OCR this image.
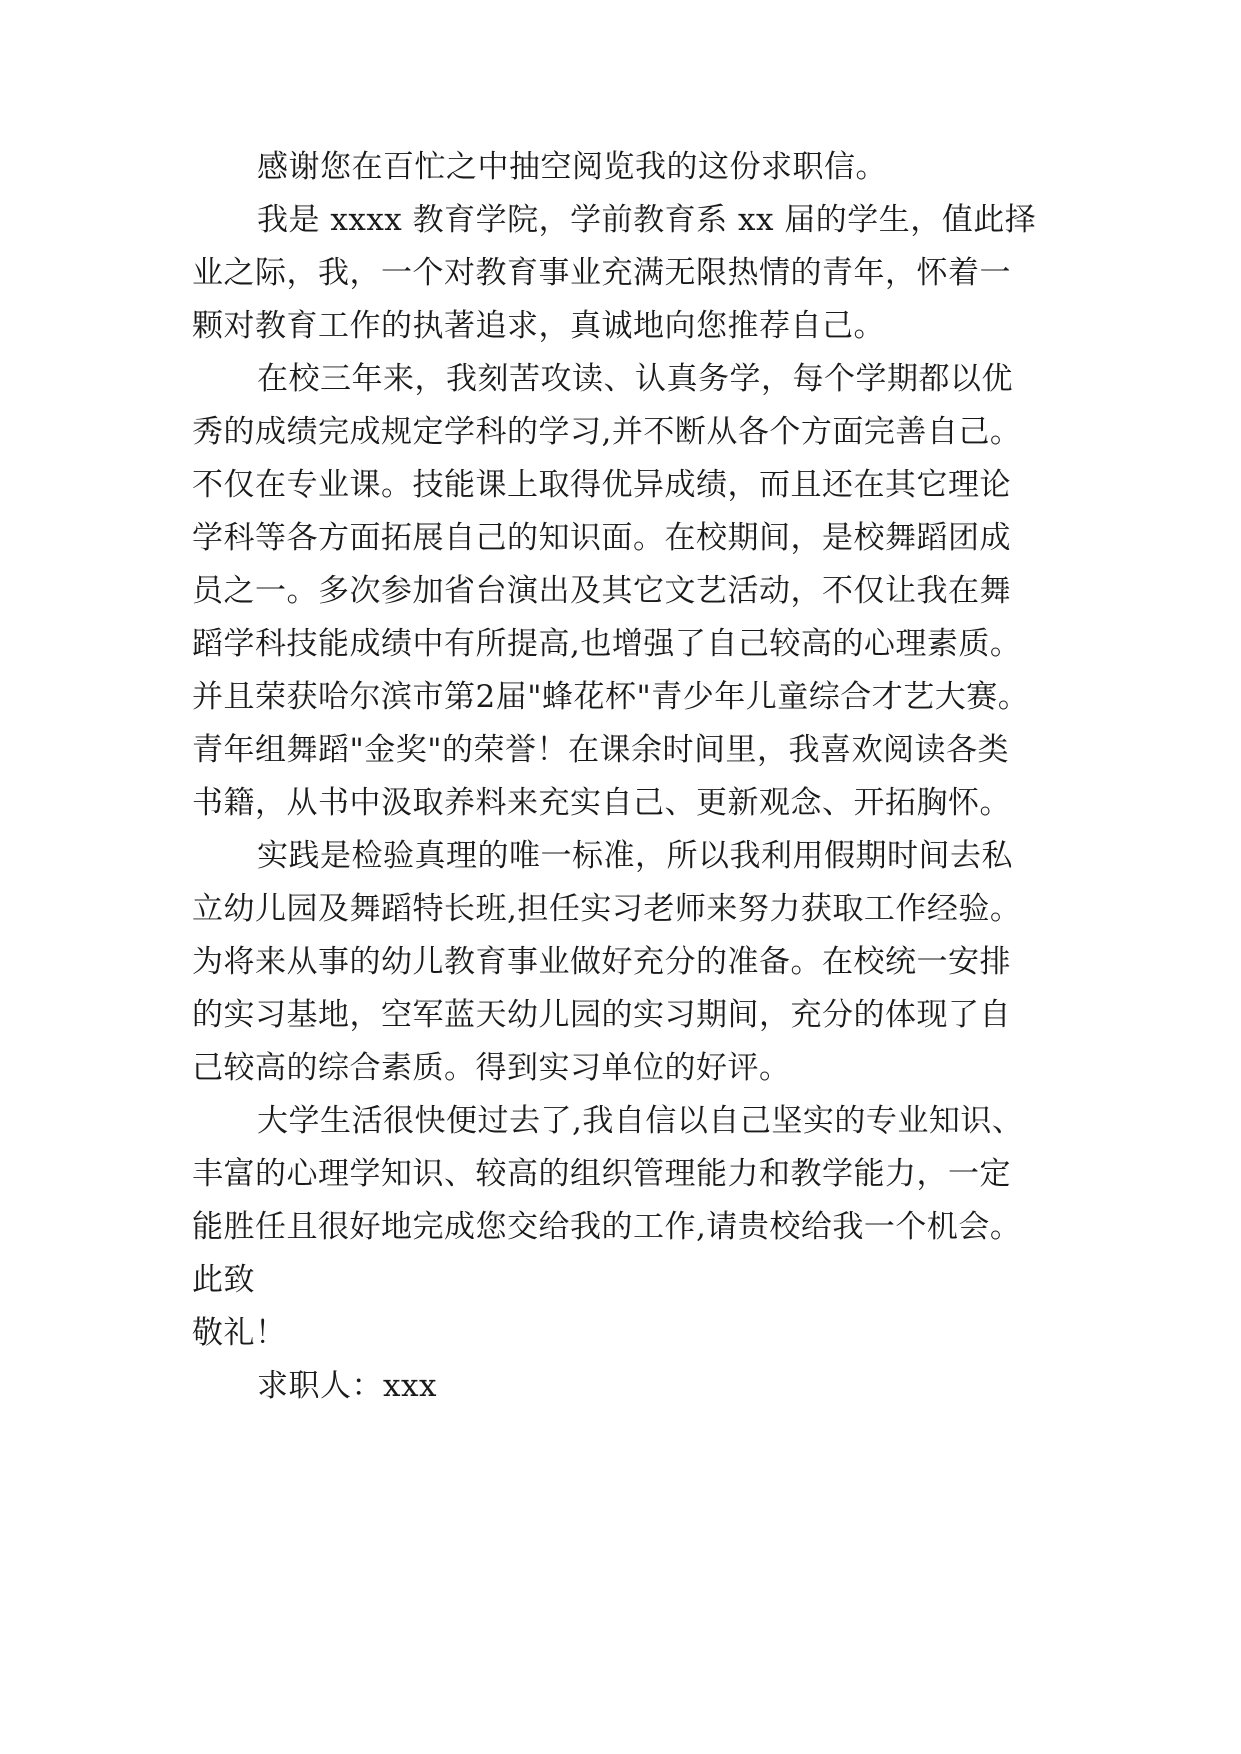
感谢您在百忙之中抽空阅览我的这份求职信。
我是 xxxx 教育学院，学前教育系 xx 届的学生，值此择
业之际，我，一个对教育事业充满无限热情的青年，怀着一
颗对教育工作的执著追求，真诚地向您推荐自己。
在校三年来，我刻苦攻读、认真务学，每个学期都以优
秀的成绩完成规定学科的学习,并不断从各个方面完善自己。
不仅在专业课。技能课上取得优异成绩，而且还在其它理论
学科等各方面拓展自己的知识面。在校期间，是校舞蹈团成
员之一。多次参加省台演出及其它文艺活动，不仅让我在舞
蹈学科技能成绩中有所提高,也增强了自己较高的心理素质。
并且荣获哈尔滨市第2届"蜂花杯"青少年儿童综合才艺大赛。
青年组舞蹈"金奖"的荣誉！在课余时间里，我喜欢阅读各类
书籍，从书中汲取养料来充实自己、更新观念、开拓胸怀。
实践是检验真理的唯一标准，所以我利用假期时间去私
立幼儿园及舞蹈特长班,担任实习老师来努力获取工作经验。
为将来从事的幼儿教育事业做好充分的准备。在校统一安排
的实习基地，空军蓝天幼儿园的实习期间，充分的体现了自
己较高的综合素质。得到实习单位的好评。
大学生活很快便过去了,我自信以自己坚实的专业知识、
丰富的心理学知识、较高的组织管理能力和教学能力，一定
能胜任且很好地完成您交给我的工作,请贵校给我一个机会。
此致
敬礼！
求职人：xxx
